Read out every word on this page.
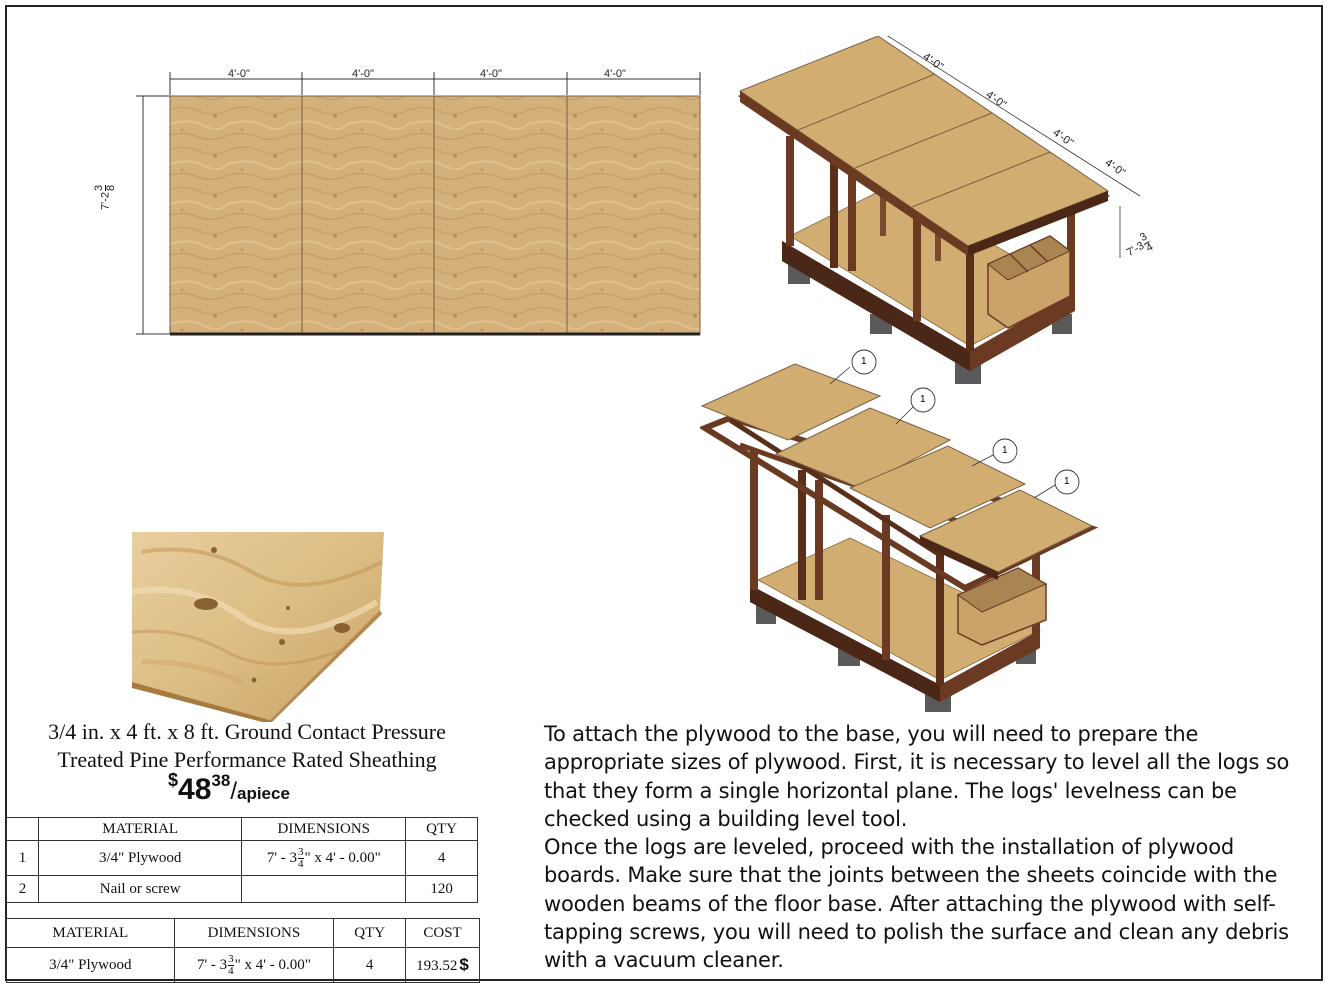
4'-0"	4'-0"	4'-0"	4'-0"
7'-2
3 8
4'-0"
4'-0"
4'-0"
4'-0"
7'-3
3
4
1
1
1
1
3/4 in. x 4 ft. x 8 ft. Ground Contact Pressure
Treated Pine Performance Rated Sheathing
$4838/apiece
	MATERIAL	DIMENSIONS	QTY
1	3/4" Plywood	$7' - 3 \frac{3}{4}$ " x 4' - 0.00"	4
2	Nail or screw		120
MATERIAL	DIMENSIONS	QTY	COST
3/4" Plywood	$7' - 3 \frac{3}{4}$ " x 4' - 0.00"	4	193.52 $

To attach the plywood to the base, you will need to prepare the appropriate sizes of plywood. First, it is necessary to level all the logs so that they form a single horizontal plane. The logs' levelness can be checked using a building level tool.

Once the logs are leveled, proceed with the installation of plywood boards. Make sure that the joints between the sheets coincide with the wooden beams of the floor base. After attaching the plywood with self-tapping screws, you will need to polish the surface and clean any debris with a vacuum cleaner.
